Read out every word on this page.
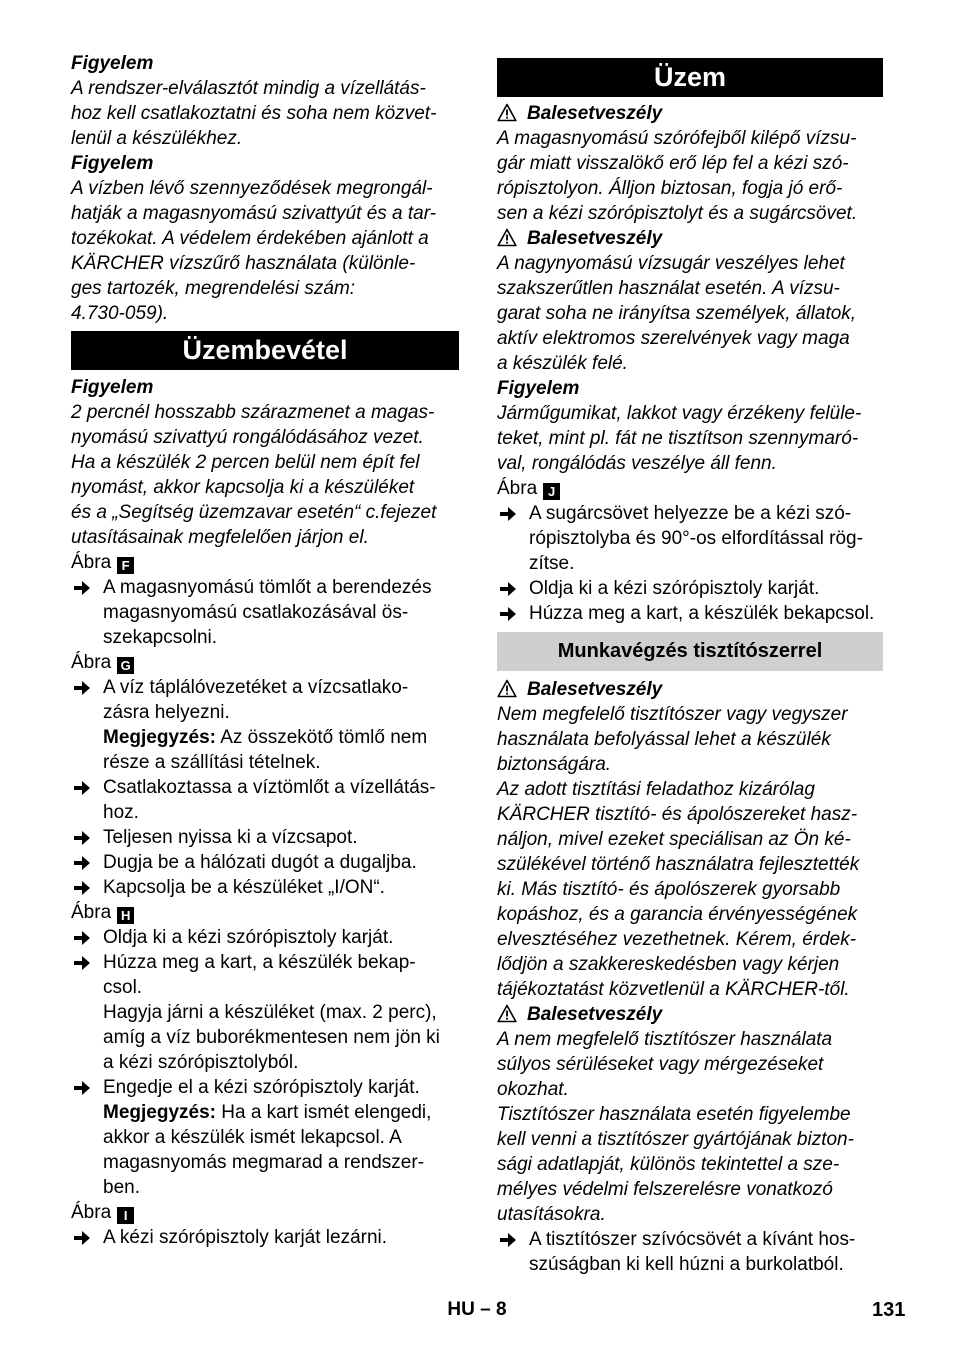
Figyelem

A rendszer-elválasztót mindig a vízellátás-
hoz kell csatlakoztatni és soha nem közvet-
lenül a készülékhez.

Figyelem

A vízben lévő szennyeződések megrongál-
hatják a magasnyomású szivattyút és a tar-
tozékokat. A védelem érdekében ajánlott a
KÄRCHER vízszűrő használata (különle-
ges tartozék, megrendelési szám:
4.730-059).

Üzembevétel

Figyelem

2 percnél hosszabb szárazmenet a magas-
nyomású szivattyú rongálódásához vezet.
Ha a készülék 2 percen belül nem épít fel
nyomást, akkor kapcsolja ki a készüléket
és a „Segítség üzemzavar esetén“ c.fejezet
utasításainak megfelelően járjon el.

Ábra F

A magasnyomású tömlőt a berendezés
magasnyomású csatlakozásával ös-
szekapcsolni.

Ábra G

A víz táplálóvezetéket a vízcsatlako-
zásra helyezni.

Megjegyzés: Az összekötő tömlő nem
része a szállítási tételnek.

Csatlakoztassa a víztömlőt a vízellátás-
hoz.

Teljesen nyissa ki a vízcsapot.

Dugja be a hálózati dugót a dugaljba.

Kapcsolja be a készüléket „I/ON“.

Ábra H

Oldja ki a kézi szórópisztoly karját.

Húzza meg a kart, a készülék bekap-
csol.

Hagyja járni a készüléket (max. 2 perc),
amíg a víz buborékmentesen nem jön ki
a kézi szórópisztolyból.

Engedje el a kézi szórópisztoly karját.

Megjegyzés: Ha a kart ismét elengedi,
akkor a készülék ismét lekapcsol. A
magasnyomás megmarad a rendszer-
ben.

Ábra I

A kézi szórópisztoly karját lezárni.

Üzem

Balesetveszély

A magasnyomású szórófejből kilépő vízsu-
gár miatt visszalökő erő lép fel a kézi szó-
rópisztolyon. Álljon biztosan, fogja jó erő-
sen a kézi szórópisztolyt és a sugárcsövet.

Balesetveszély

A nagynyomású vízsugár veszélyes lehet
szakszerűtlen használat esetén. A vízsu-
garat soha ne irányítsa személyek, állatok,
aktív elektromos szerelvények vagy maga
a készülék felé.

Figyelem

Járműgumikat, lakkot vagy érzékeny felüle-
teket, mint pl. fát ne tisztítson szennymaró-
val, rongálódás veszélye áll fenn.

Ábra J

A sugárcsövet helyezze be a kézi szó-
rópisztolyba és 90°-os elfordítással rög-
zítse.

Oldja ki a kézi szórópisztoly karját.

Húzza meg a kart, a készülék bekapcsol.

Munkavégzés tisztítószerrel

Balesetveszély

Nem megfelelő tisztítószer vagy vegyszer
használata befolyással lehet a készülék
biztonságára.
Az adott tisztítási feladathoz kizárólag
KÄRCHER tisztító- és ápolószereket hasz-
náljon, mivel ezeket speciálisan az Ön ké-
szülékével történő használatra fejlesztették
ki. Más tisztító- és ápolószerek gyorsabb
kopáshoz, és a garancia érvényességének
elvesztéséhez vezethetnek. Kérem, érdek-
lődjön a szakkereskedésben vagy kérjen
tájékoztatást közvetlenül a KÄRCHER-től.

Balesetveszély

A nem megfelelő tisztítószer használata
súlyos sérüléseket vagy mérgezéseket
okozhat.
Tisztítószer használata esetén figyelembe
kell venni a tisztítószer gyártójának bizton-
sági adatlapját, különös tekintettel a sze-
mélyes védelmi felszerelésre vonatkozó
utasításokra.

A tisztítószer szívócsövét a kívánt hos-
szúságban ki kell húzni a burkolatból.

HU – 8	131
